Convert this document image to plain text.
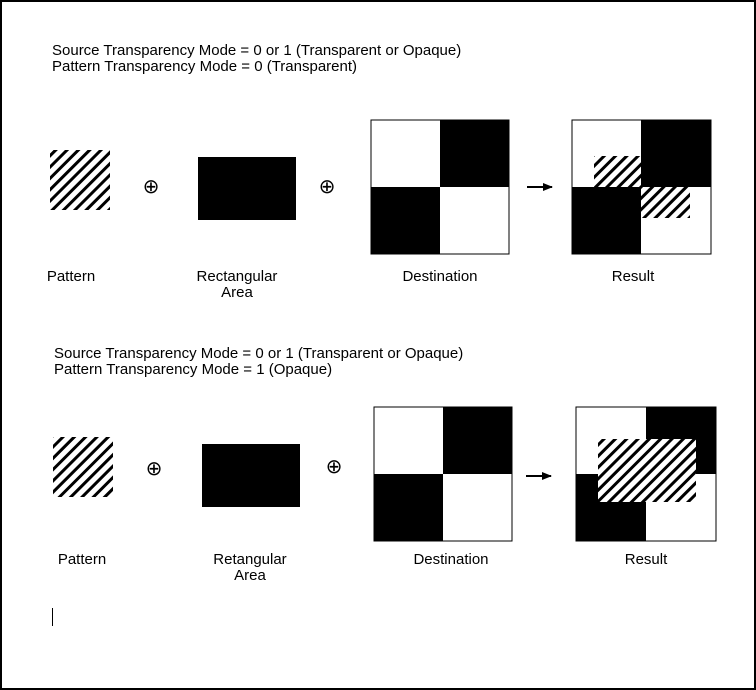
Source Transparency Mode = 0 or 1 (Transparent or Opaque)
Pattern Transparency Mode = 0 (Transparent)
Pattern	Rectangular
Area
Destination	Result
⊕	⊕
Source Transparency Mode = 0 or 1 (Transparent or Opaque)
Pattern Transparency Mode = 1 (Opaque)
Pattern	Retangular
Area
Destination	Result
⊕	⊕
